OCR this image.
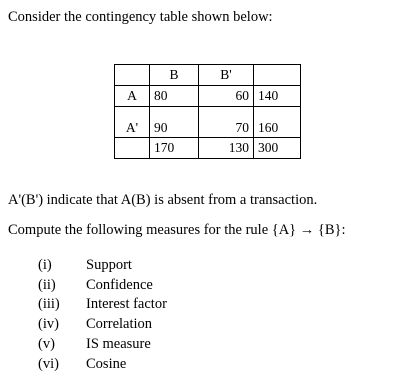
Consider the contingency table shown below:
	B	B'	
A	80	60	140
A'	90	70	160
	170	130	300
A'(B') indicate that A(B) is absent from a transaction.
Compute the following measures for the rule {A} → {B}:
(i)	Support
(ii)	Confidence
(iii)	Interest factor
(iv)	Correlation
(v)	IS measure
(vi)	Cosine
